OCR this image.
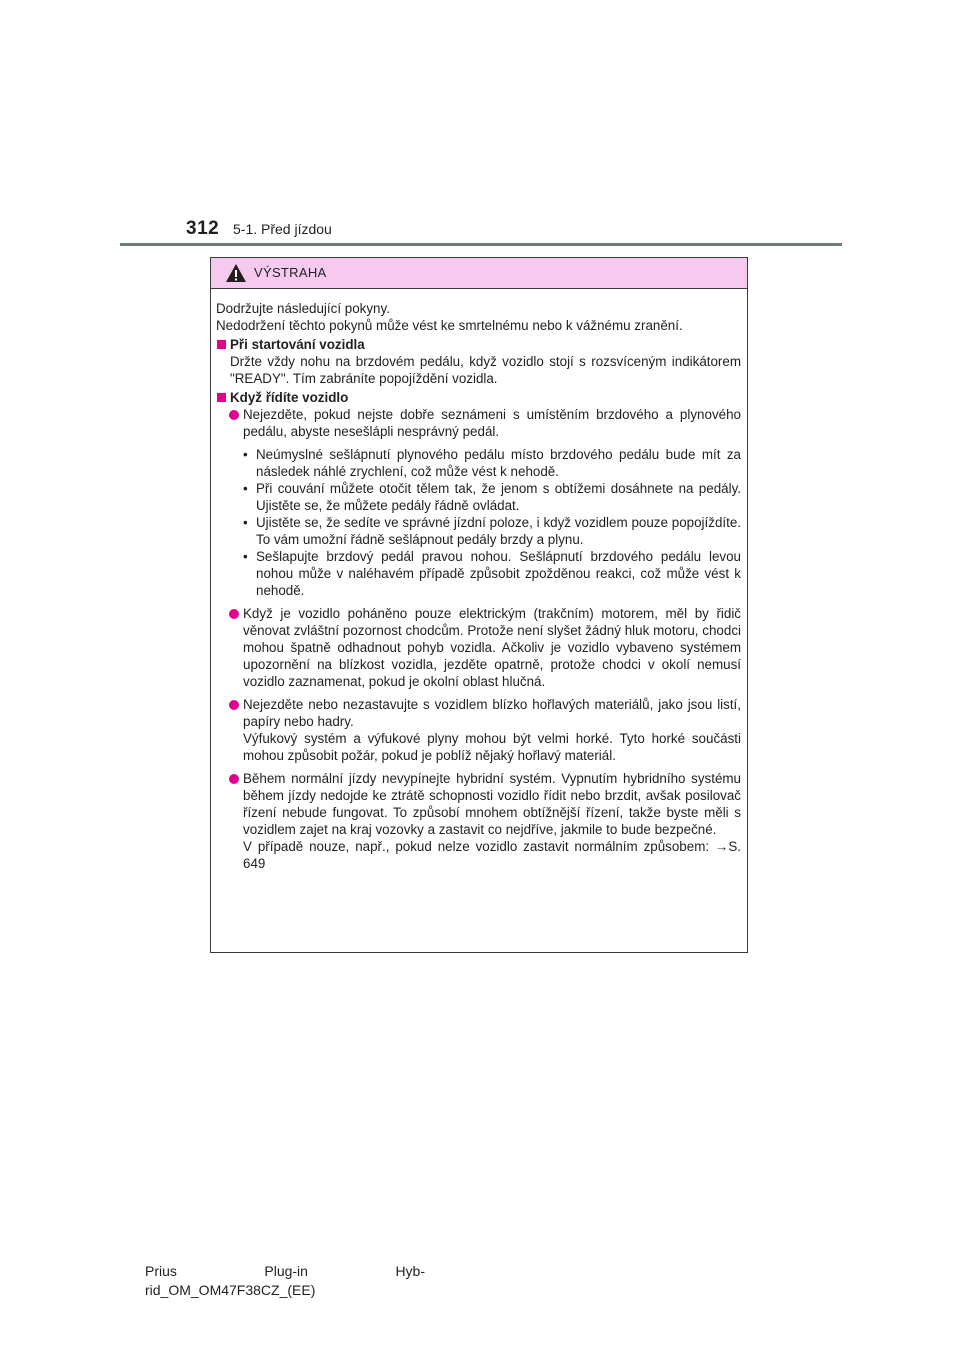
312 5-1. Před jízdou
VÝSTRAHA

Dodržujte následující pokyny.

Nedodržení těchto pokynů může vést ke smrtelnému nebo k vážnému zranění.

Při startování vozidla

Držte vždy nohu na brzdovém pedálu, když vozidlo stojí s rozsvíceným indikátorem "READY". Tím zabráníte popojíždění vozidla.

Když řídíte vozidlo

Nejezděte, pokud nejste dobře seznámeni s umístěním brzdového a plynového pedálu, abyste nesešlápli nesprávný pedál.

• Neúmyslné sešlápnutí plynového pedálu místo brzdového pedálu bude mít za následek náhlé zrychlení, což může vést k nehodě.
• Při couvání můžete otočit tělem tak, že jenom s obtížemi dosáhnete na pedály. Ujistěte se, že můžete pedály řádně ovládat.
• Ujistěte se, že sedíte ve správné jízdní poloze, i když vozidlem pouze popojíždíte. To vám umožní řádně sešlápnout pedály brzdy a plynu.
• Sešlapujte brzdový pedál pravou nohou. Sešlápnutí brzdového pedálu levou nohou může v naléhavém případě způsobit zpožděnou reakci, což může vést k nehodě.

Když je vozidlo poháněno pouze elektrickým (trakčním) motorem, měl by řidič věnovat zvláštní pozornost chodcům. Protože není slyšet žádný hluk motoru, chodci mohou špatně odhadnout pohyb vozidla. Ačkoliv je vozidlo vybaveno systémem upozornění na blízkost vozidla, jezděte opatrně, protože chodci v okolí nemusí vozidlo zaznamenat, pokud je okolní oblast hlučná.

Nejezděte nebo nezastavujte s vozidlem blízko hořlavých materiálů, jako jsou listí, papíry nebo hadry.

Výfukový systém a výfukové plyny mohou být velmi horké. Tyto horké součásti mohou způsobit požár, pokud je poblíž nějaký hořlavý materiál.

Během normální jízdy nevypínejte hybridní systém. Vypnutím hybridního systému během jízdy nedojde ke ztrátě schopnosti vozidlo řídit nebo brzdit, avšak posilovač řízení nebude fungovat. To způsobí mnohem obtížnější řízení, takže byste měli s vozidlem zajet na kraj vozovky a zastavit co nejdříve, jakmile to bude bezpečné.

V případě nouze, např., pokud nelze vozidlo zastavit normálním způsobem: →S. 649

Prius	Plug-in	Hyb-
rid_OM_OM47F38CZ_(EE)
